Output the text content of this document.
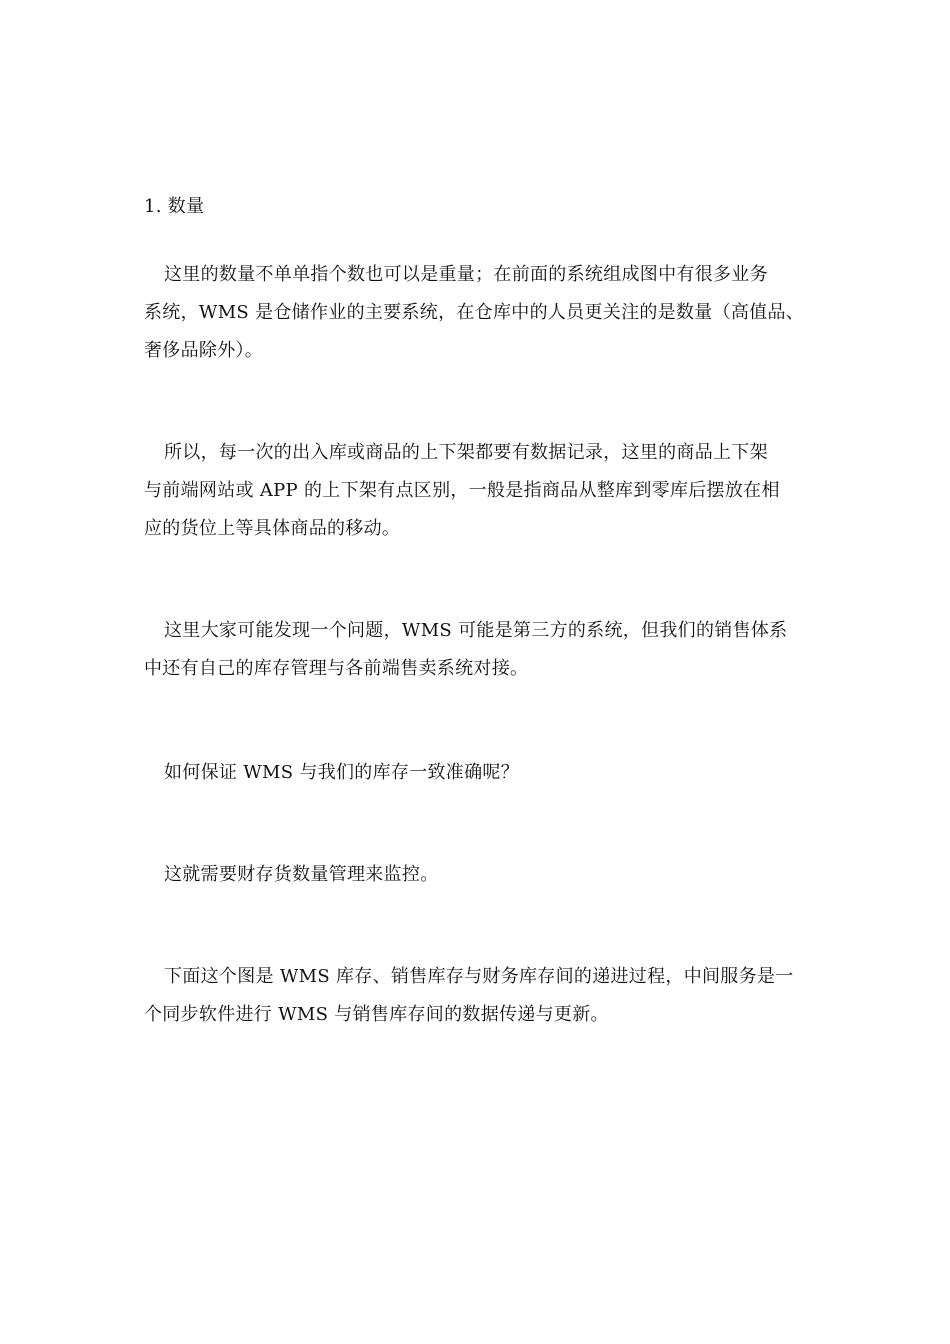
1. 数量

这里的数量不单单指个数也可以是重量；在前面的系统组成图中有很多业务
系统，WMS 是仓储作业的主要系统，在仓库中的人员更关注的是数量（高值品、
奢侈品除外）。

所以，每一次的出入库或商品的上下架都要有数据记录，这里的商品上下架
与前端网站或 APP 的上下架有点区别，一般是指商品从整库到零库后摆放在相
应的货位上等具体商品的移动。

这里大家可能发现一个问题，WMS 可能是第三方的系统，但我们的销售体系
中还有自己的库存管理与各前端售卖系统对接。

如何保证 WMS 与我们的库存一致准确呢？

这就需要财存货数量管理来监控。

下面这个图是 WMS 库存、销售库存与财务库存间的递进过程，中间服务是一
个同步软件进行 WMS 与销售库存间的数据传递与更新。
